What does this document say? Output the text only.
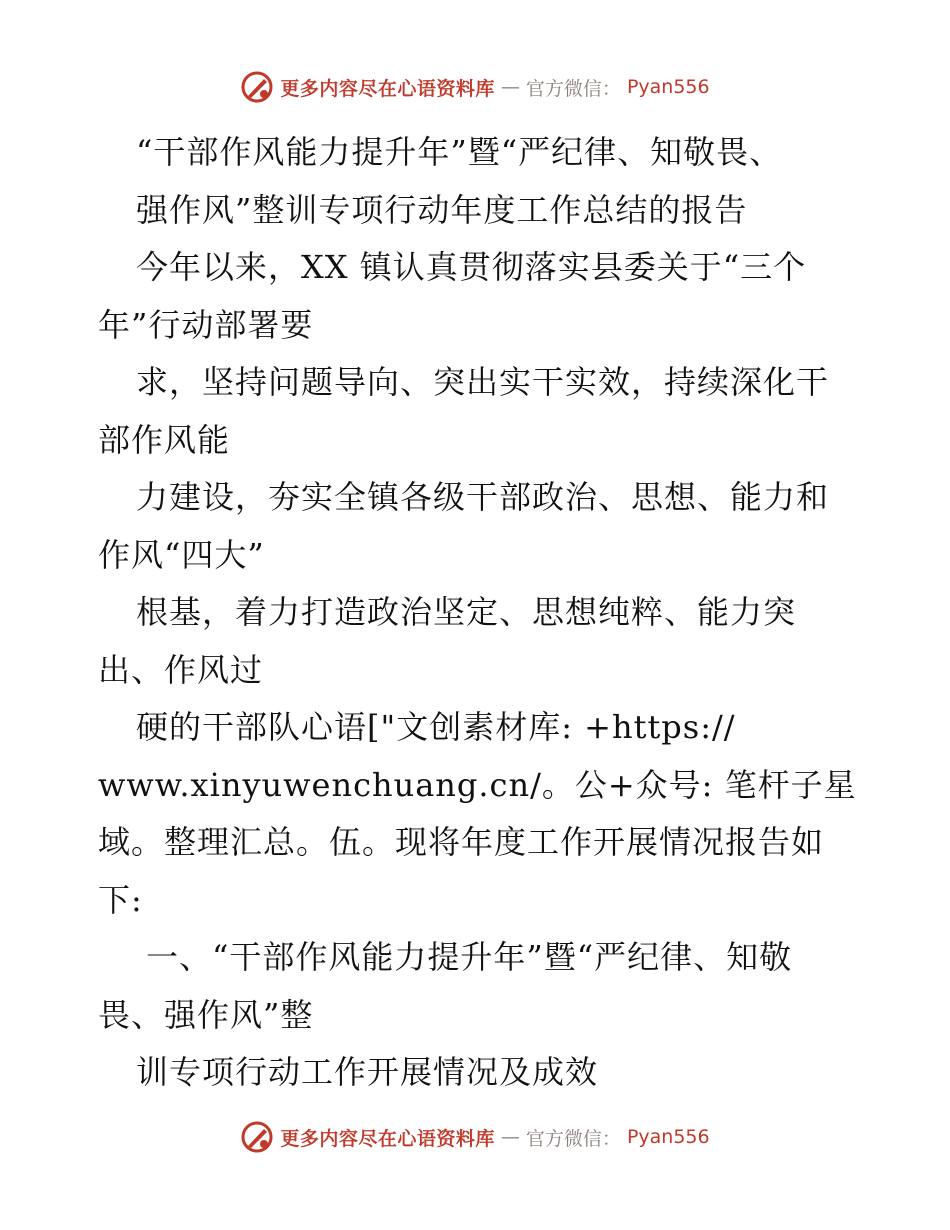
更多内容尽在心语资料库 — 官方微信： Pyan556
“干部作风能力提升年”暨“严纪律、知敬畏、
强作风”整训专项行动年度工作总结的报告
今年以来，XX 镇认真贯彻落实县委关于“三个
年”行动部署要
求，坚持问题导向、突出实干实效，持续深化干
部作风能
力建设，夯实全镇各级干部政治、思想、能力和
作风“四大”
根基，着力打造政治坚定、思想纯粹、能力突
出、作风过
硬的干部队心语["文创素材库: +https://
www.xinyuwenchuang.cn/。公+众号: 笔杆子星
域。整理汇总。伍。现将年度工作开展情况报告如
下:
一、“干部作风能力提升年”暨“严纪律、知敬
畏、强作风”整
训专项行动工作开展情况及成效
更多内容尽在心语资料库 — 官方微信： Pyan556
